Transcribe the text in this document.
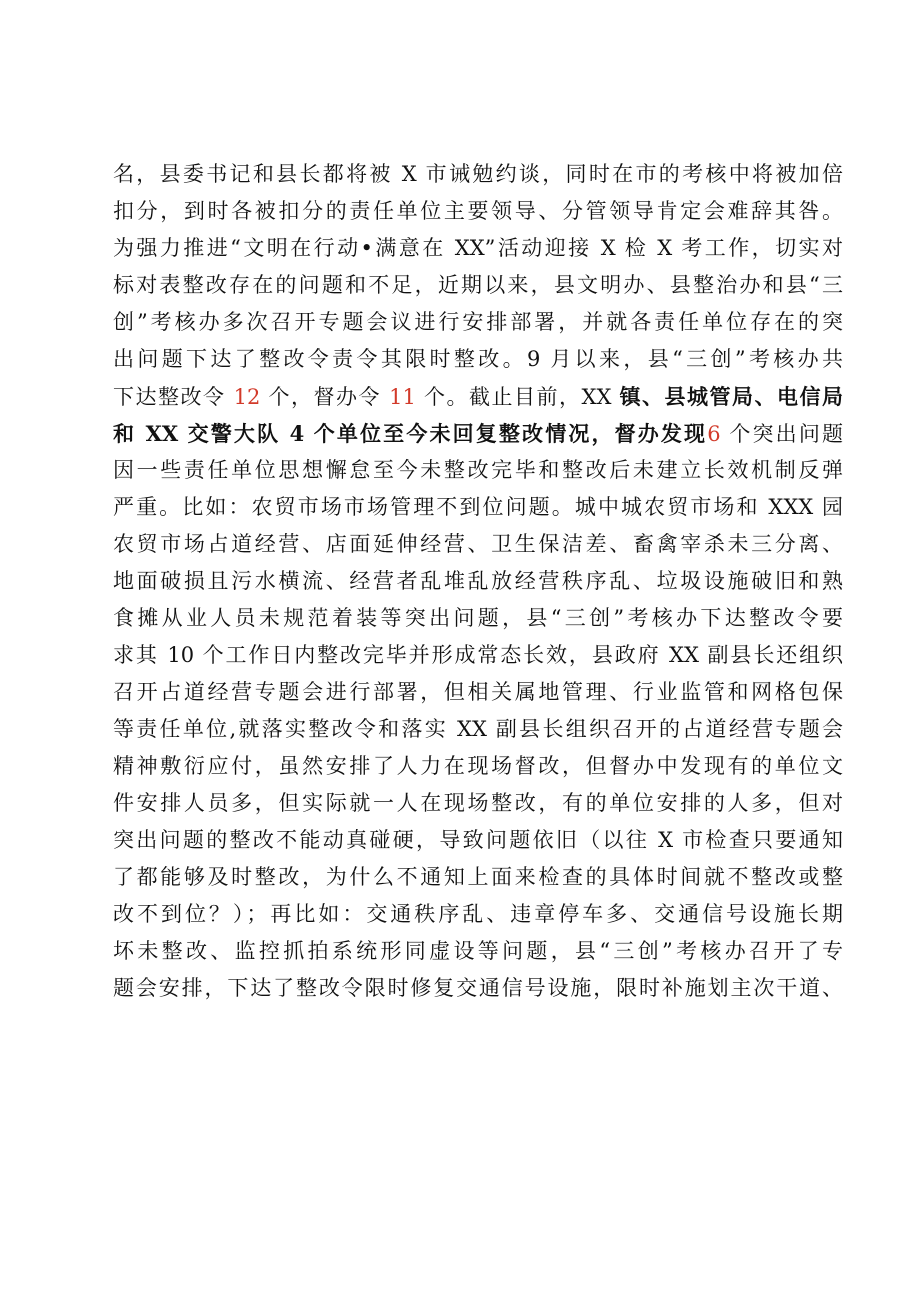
名，县委书记和县长都将被 X 市诫勉约谈，同时在市的考核中将被加倍
扣分，到时各被扣分的责任单位主要领导、分管领导肯定会难辞其咎。
为强力推进“文明在行动•满意在 XX”活动迎接 X 检 X 考工作，切实对
标对表整改存在的问题和不足，近期以来，县文明办、县整治办和县“三
创”考核办多次召开专题会议进行安排部署，并就各责任单位存在的突
出问题下达了整改令责令其限时整改。9 月以来，县“三创”考核办共
下达整改令 12 个，督办令 11 个。截止目前，XX 镇、县城管局、电信局
和 XX 交警大队 4 个单位至今未回复整改情况，督办发现6 个突出问题
因一些责任单位思想懈怠至今未整改完毕和整改后未建立长效机制反弹
严重。比如：农贸市场市场管理不到位问题。城中城农贸市场和 XXX 园
农贸市场占道经营、店面延伸经营、卫生保洁差、畜禽宰杀未三分离、
地面破损且污水横流、经营者乱堆乱放经营秩序乱、垃圾设施破旧和熟
食摊从业人员未规范着装等突出问题，县“三创”考核办下达整改令要
求其 10 个工作日内整改完毕并形成常态长效，县政府 XX 副县长还组织
召开占道经营专题会进行部署，但相关属地管理、行业监管和网格包保
等责任单位,就落实整改令和落实 XX 副县长组织召开的占道经营专题会
精神敷衍应付，虽然安排了人力在现场督改，但督办中发现有的单位文
件安排人员多，但实际就一人在现场整改，有的单位安排的人多，但对
突出问题的整改不能动真碰硬，导致问题依旧（以往 X 市检查只要通知
了都能够及时整改，为什么不通知上面来检查的具体时间就不整改或整
改不到位？）；再比如：交通秩序乱、违章停车多、交通信号设施长期
坏未整改、监控抓拍系统形同虚设等问题，县“三创”考核办召开了专
题会安排，下达了整改令限时修复交通信号设施，限时补施划主次干道、
